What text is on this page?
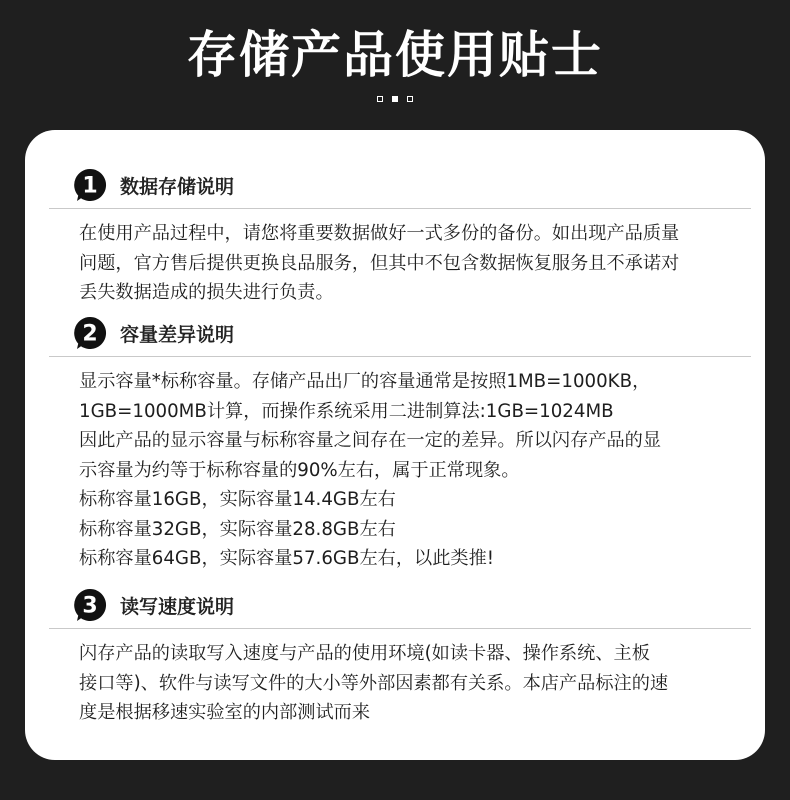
存储产品使用贴士
1 数据存储说明
在使用产品过程中，请您将重要数据做好一式多份的备份。如出现产品质量
问题，官方售后提供更换良品服务，但其中不包含数据恢复服务且不承诺对
丢失数据造成的损失进行负责。
2 容量差异说明
显示容量*标称容量。存储产品出厂的容量通常是按照1MB=1000KB，
1GB=1000MB计算，而操作系统采用二进制算法:1GB=1024MB
因此产品的显示容量与标称容量之间存在一定的差异。所以闪存产品的显
示容量为约等于标称容量的90%左右，属于正常现象。
标称容量16GB，实际容量14.4GB左右
标称容量32GB，实际容量28.8GB左右
标称容量64GB，实际容量57.6GB左右，以此类推!
3 读写速度说明
闪存产品的读取写入速度与产品的使用环境(如读卡器、操作系统、主板
接口等)、软件与读写文件的大小等外部因素都有关系。本店产品标注的速
度是根据移速实验室的内部测试而来
